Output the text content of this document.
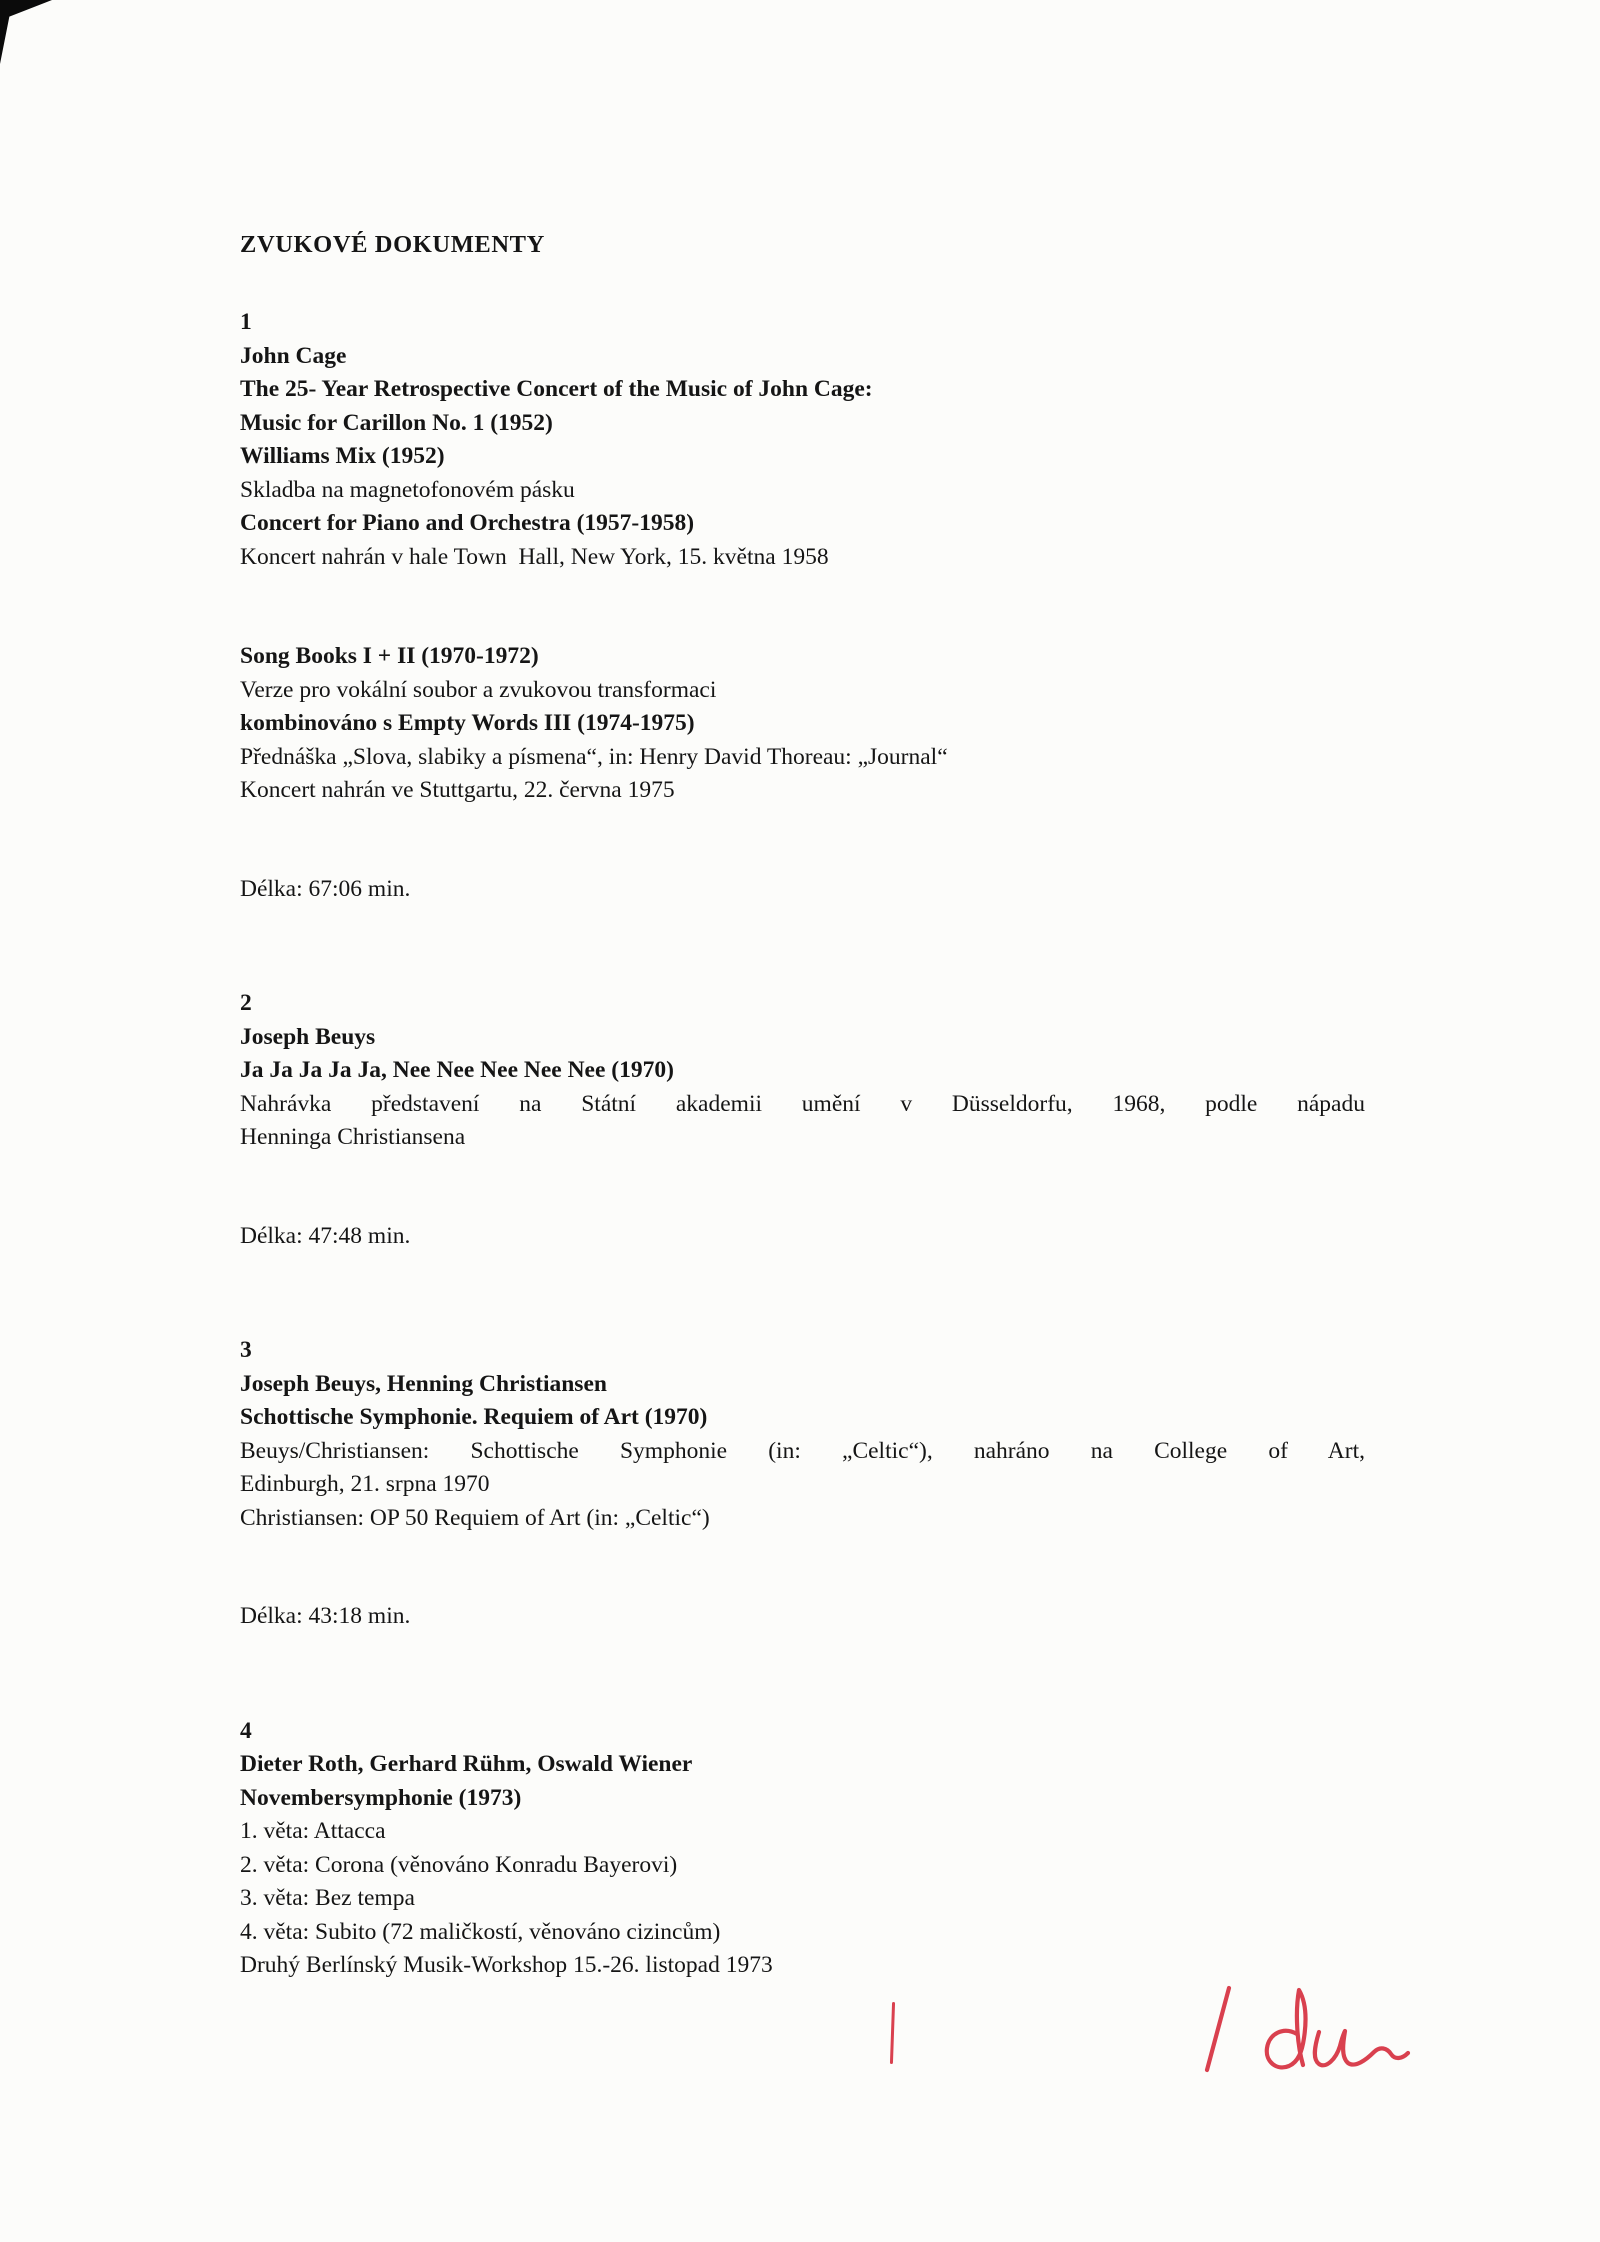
ZVUKOVÉ DOKUMENTY
1
John Cage
The 25- Year Retrospective Concert of the Music of John Cage:
Music for Carillon No. 1 (1952)
Williams Mix (1952)
Skladba na magnetofonovém pásku
Concert for Piano and Orchestra (1957-1958)
Koncert nahrán v hale Town  Hall, New York, 15. května 1958
Song Books I + II (1970-1972)
Verze pro vokální soubor a zvukovou transformaci
kombinováno s Empty Words III (1974-1975)
Přednáška „Slova, slabiky a písmena“, in: Henry David Thoreau: „Journal“
Koncert nahrán ve Stuttgartu, 22. června 1975
Délka: 67:06 min.
2
Joseph Beuys
Ja Ja Ja Ja Ja, Nee Nee Nee Nee Nee (1970)
Nahrávka představení na Státní akademii umění v Düsseldorfu, 1968, podle nápadu
Henninga Christiansena
Délka: 47:48 min.
3
Joseph Beuys, Henning Christiansen
Schottische Symphonie. Requiem of Art (1970)
Beuys/Christiansen: Schottische Symphonie (in: „Celtic“), nahráno na College of Art,
Edinburgh, 21. srpna 1970
Christiansen: OP 50 Requiem of Art (in: „Celtic“)
Délka: 43:18 min.
4
Dieter Roth, Gerhard Rühm, Oswald Wiener
Novembersymphonie (1973)
1. věta: Attacca
2. věta: Corona (věnováno Konradu Bayerovi)
3. věta: Bez tempa
4. věta: Subito (72 maličkostí, věnováno cizincům)
Druhý Berlínský Musik-Workshop 15.-26. listopad 1973
